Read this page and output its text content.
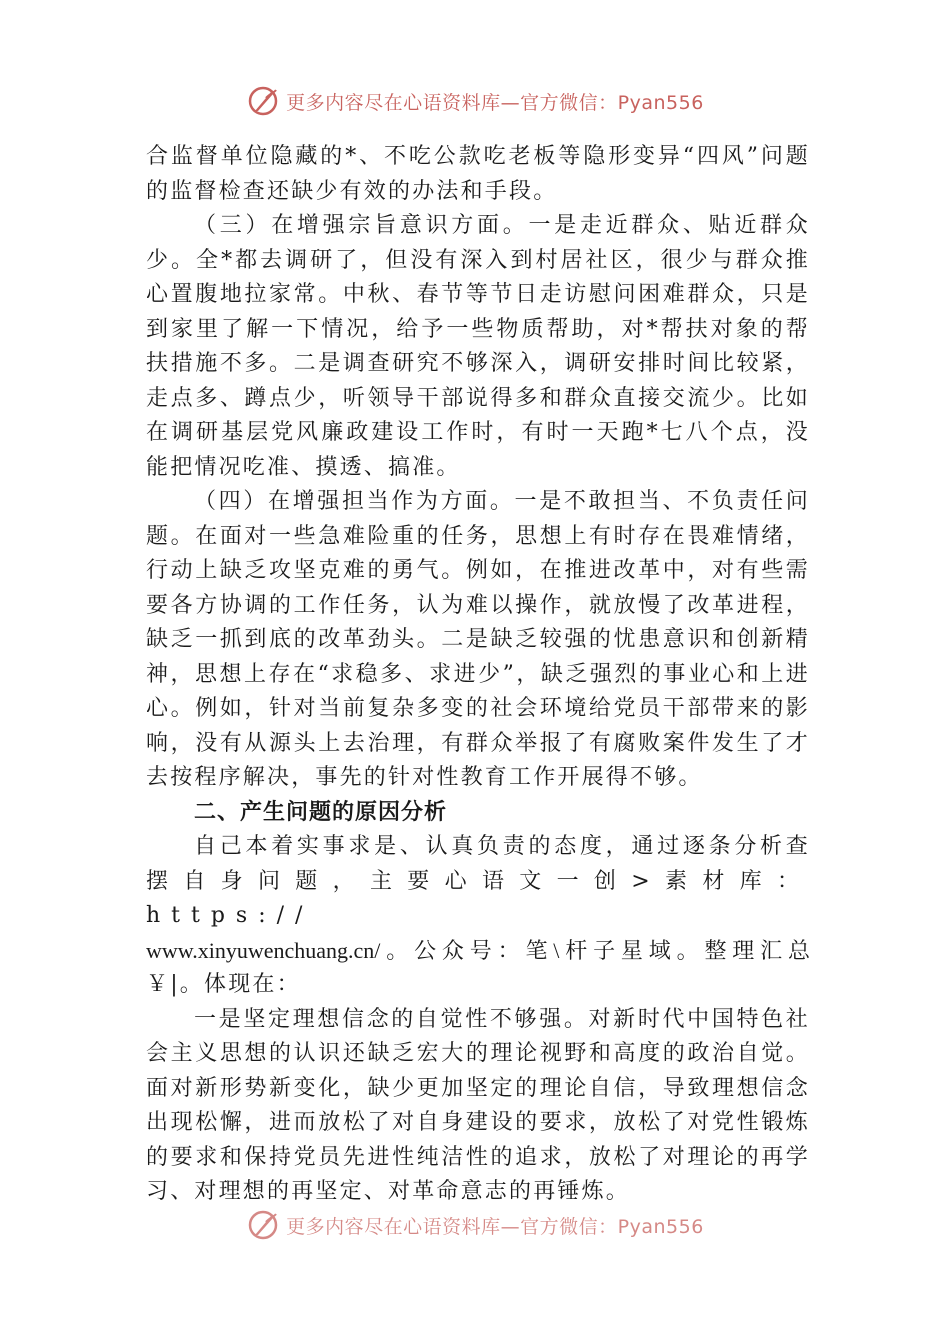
更多内容尽在心语资料库—官方微信：Pyan556

合监督单位隐藏的*、不吃公款吃老板等隐形变异“四风”问题的监督检查还缺少有效的办法和手段。

（三）在增强宗旨意识方面。一是走近群众、贴近群众少。全*都去调研了，但没有深入到村居社区，很少与群众推心置腹地拉家常。中秋、春节等节日走访慰问困难群众，只是到家里了解一下情况，给予一些物质帮助，对*帮扶对象的帮扶措施不多。二是调查研究不够深入，调研安排时间比较紧，走点多、蹲点少，听领导干部说得多和群众直接交流少。比如在调研基层党风廉政建设工作时，有时一天跑*七八个点，没能把情况吃准、摸透、搞准。

（四）在增强担当作为方面。一是不敢担当、不负责任问题。在面对一些急难险重的任务，思想上有时存在畏难情绪，行动上缺乏攻坚克难的勇气。例如，在推进改革中，对有些需要各方协调的工作任务，认为难以操作，就放慢了改革进程，缺乏一抓到底的改革劲头。二是缺乏较强的忧患意识和创新精神，思想上存在“求稳多、求进少”，缺乏强烈的事业心和上进心。例如，针对当前复杂多变的社会环境给党员干部带来的影响，没有从源头上去治理，有群众举报了有腐败案件发生了才去按程序解决，事先的针对性教育工作开展得不够。

二、产生问题的原因分析

自己本着实事求是、认真负责的态度，通过逐条分析查

摆自身问题，主要心语文一创>素材库：https://

www.xinyuwenchuang.cn/。公众号：笔\杆子星域。整理汇总

￥|。体现在：

一是坚定理想信念的自觉性不够强。对新时代中国特色社会主义思想的认识还缺乏宏大的理论视野和高度的政治自觉。面对新形势新变化，缺少更加坚定的理论自信，导致理想信念出现松懈，进而放松了对自身建设的要求，放松了对党性锻炼的要求和保持党员先进性纯洁性的追求，放松了对理论的再学习、对理想的再坚定、对革命意志的再锤炼。

更多内容尽在心语资料库—官方微信：Pyan556
